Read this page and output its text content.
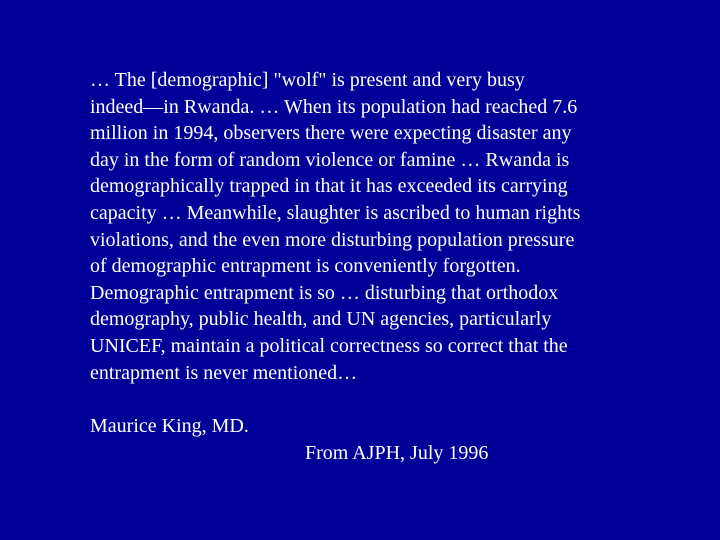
… The [demographic] "wolf" is present and very busy
indeed—in Rwanda. … When its population had reached 7.6
million in 1994, observers there were expecting disaster any
day in the form of random violence or famine … Rwanda is
demographically trapped in that it has exceeded its carrying
capacity … Meanwhile, slaughter is ascribed to human rights
violations, and the even more disturbing population pressure
of demographic entrapment is conveniently forgotten.
Demographic entrapment is so … disturbing that orthodox
demography, public health, and UN agencies, particularly
UNICEF, maintain a political correctness so correct that the
entrapment is never mentioned…
Maurice King, MD.
From AJPH, July 1996
